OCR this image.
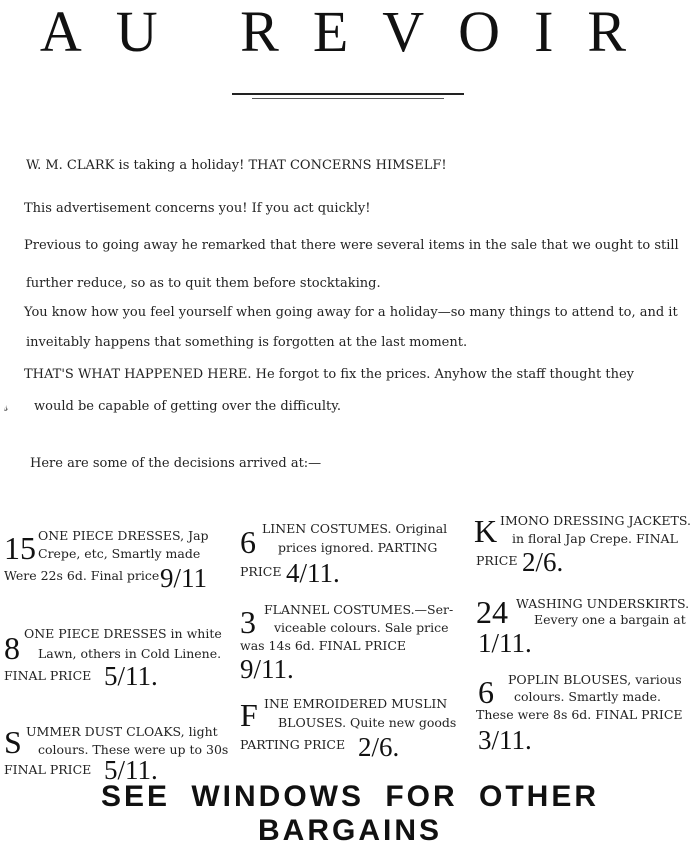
AU REVOIR
W. M. CLARK is taking a holiday! THAT CONCERNS HIMSELF!
This advertisement concerns you! If you act quickly!
Previous to going away he remarked that there were several items in the sale that we ought to still
further reduce, so as to quit them before stocktaking.
You know how you feel yourself when going away for a holiday—so many things to attend to, and it
inveitably happens that something is forgotten at the last moment.
THAT'S WHAT HAPPENED HERE. He forgot to fix the prices. Anyhow the staff thought they
𝓈 would be capable of getting over the difficulty.
Here are some of the decisions arrived at:—
15 ONE PIECE DRESSES, Jap
Crepe, etc, Smartly made
Were 22s 6d. Final price 9/11
8 ONE PIECE DRESSES in white
Lawn, others in Cold Linene.
FINAL PRICE 5/11.
S UMMER DUST CLOAKS, light
colours. These were up to 30s
FINAL PRICE 5/11.
6 LINEN COSTUMES. Original
prices ignored. PARTING
PRICE 4/11.
3 FLANNEL COSTUMES.—Ser-
viceable colours. Sale price
was 14s 6d. FINAL PRICE
9/11.
F INE EMROIDERED MUSLIN
BLOUSES. Quite new goods
PARTING PRICE 2/6.
K IMONO DRESSING JACKETS.
in floral Jap Crepe. FINAL
PRICE 2/6.
24 WASHING UNDERSKIRTS.
Eevery one a bargain at
1/11.
6 POPLIN BLOUSES, various
colours. Smartly made.
These were 8s 6d. FINAL PRICE
3/11.
SEE WINDOWS FOR OTHER BARGAINS
